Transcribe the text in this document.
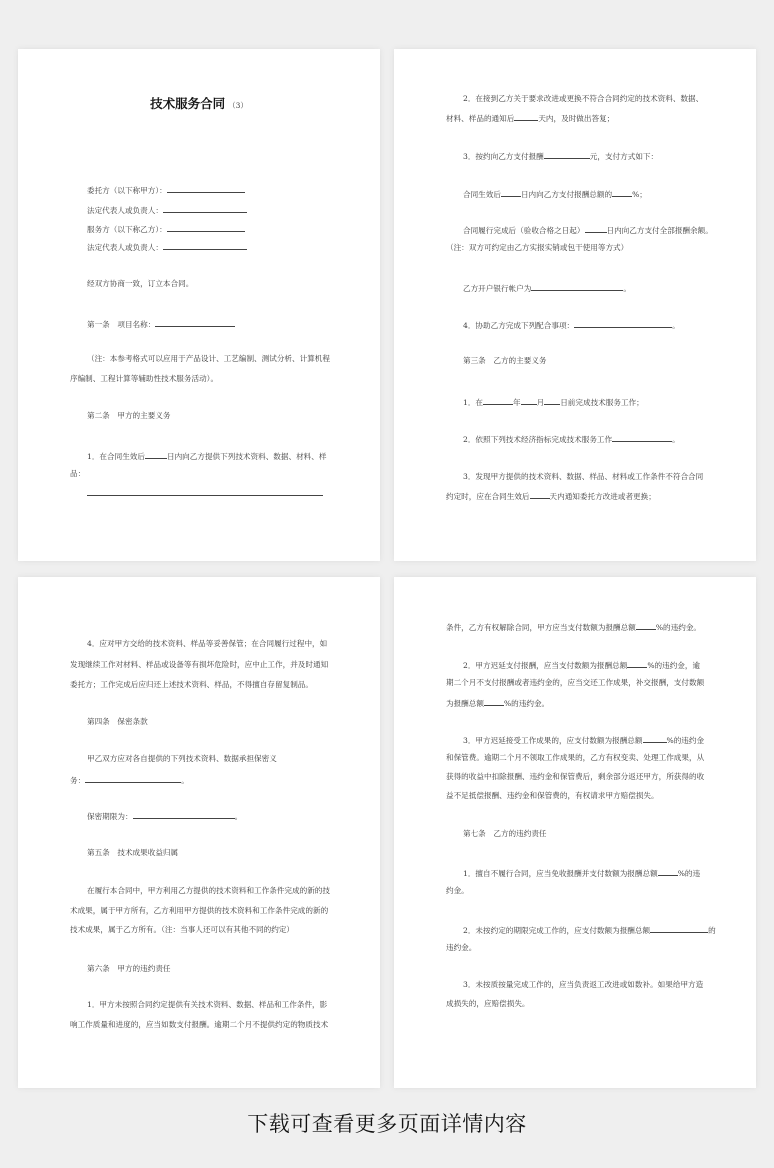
技术服务合同 （3）
委托方（以下称甲方）：
法定代表人或负责人：
服务方（以下称乙方）：
法定代表人或负责人：
经双方协商一致，订立本合同。
第一条　项目名称：
（注：本参考格式可以应用于产品设计、工艺编制、测试分析、计算机程
序编制、工程计算等辅助性技术服务活动）。
第二条　甲方的主要义务
1．在合同生效后	日内向乙方提供下列技术资料、数据、材料、样
品：
2．在接到乙方关于要求改进或更换不符合合同约定的技术资料、数据、
材料、样品的通知后	天内，及时做出答复；
3．按约向乙方支付报酬	元，支付方式如下：
合同生效后	日内向乙方支付报酬总额的	%；
合同履行完成后（验收合格之日起）	日内向乙方支付全部报酬余额。
（注：双方可约定由乙方实报实销或包干使用等方式）
乙方开户银行帐户为	。
4．协助乙方完成下列配合事项：	。
第三条　乙方的主要义务
1．在	年 月 日前完成技术服务工作；
2．依照下列技术经济指标完成技术服务工作	。
3．发现甲方提供的技术资料、数据、样品、材料或工作条件不符合合同
约定时，应在合同生效后	天内通知委托方改进或者更换；
4．应对甲方交给的技术资料、样品等妥善保管；在合同履行过程中，如
发现继续工作对材料、样品或设备等有损坏危险时，应中止工作，并及时通知
委托方；工作完成后应归还上述技术资料、样品，不得擅自存留复制品。
第四条　保密条款
甲乙双方应对各自提供的下列技术资料、数据承担保密义
务：	。
保密期限为：	。
第五条　技术成果收益归属
在履行本合同中，甲方利用乙方提供的技术资料和工作条件完成的新的技
术成果，属于甲方所有，乙方利用甲方提供的技术资料和工作条件完成的新的
技术成果，属于乙方所有。（注：当事人还可以有其他不同的约定）
第六条　甲方的违约责任
1．甲方未按照合同约定提供有关技术资料、数据、样品和工作条件，影
响工作质量和进度的，应当如数支付报酬。逾期二个月不提供约定的物质技术
条件，乙方有权解除合同，甲方应当支付数额为报酬总额	%的违约金。
2．甲方迟延支付报酬，应当支付数额为报酬总额	%的违约金，逾
期二个月不支付报酬或者违约金的，应当交还工作成果，补交报酬，支付数额
为报酬总额	%的违约金。
3．甲方迟延接受工作成果的，应支付数额为报酬总额	%的违约金
和保管费。逾期二个月不领取工作成果的，乙方有权变卖、处理工作成果，从
获得的收益中扣除报酬、违约金和保管费后，剩余部分返还甲方，所获得的收
益不足抵偿报酬、违约金和保管费的，有权请求甲方赔偿损失。
第七条　乙方的违约责任
1．擅自不履行合同，应当免收报酬并支付数额为报酬总额	%的违
约金。
2．未按约定的期限完成工作的，应支付数额为报酬总额	的
违约金。
3．未按质按量完成工作的，应当负责返工改进或如数补。如果给甲方造
成损失的，应赔偿损失。
下载可查看更多页面详情内容
